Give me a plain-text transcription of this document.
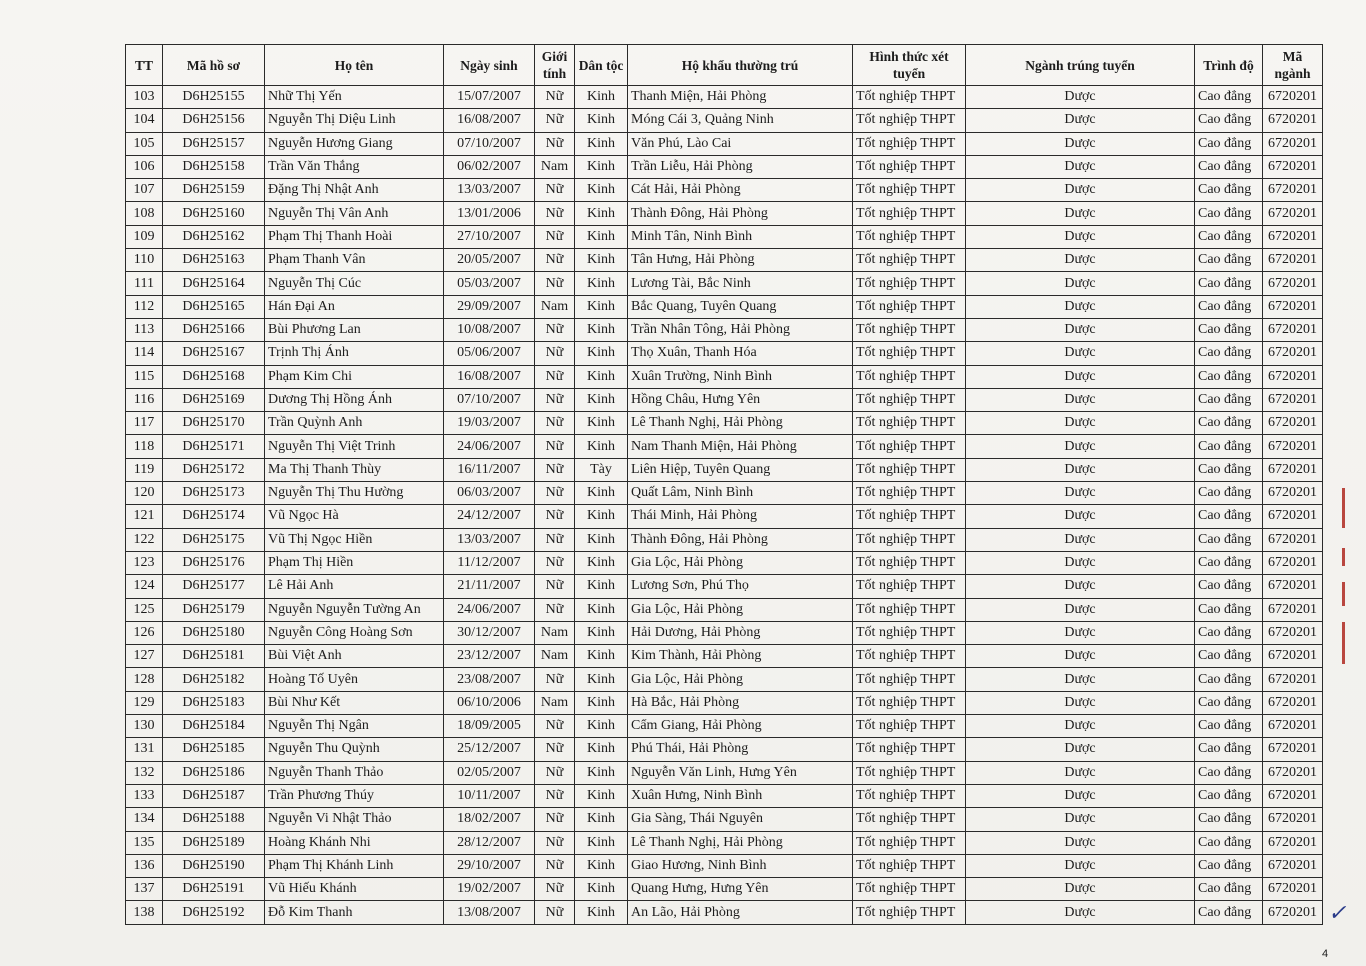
TT	Mã hồ sơ	Họ tên	Ngày sinh	Giới tính	Dân tộc	Hộ khẩu thường trú	Hình thức xét tuyển	Ngành trúng tuyển	Trình độ	Mã ngành
103	D6H25155	Nhữ Thị Yến	15/07/2007	Nữ	Kinh	Thanh Miện, Hải Phòng	Tốt nghiệp THPT	Dược	Cao đẳng	6720201
104	D6H25156	Nguyễn Thị Diệu Linh	16/08/2007	Nữ	Kinh	Móng Cái 3, Quảng Ninh	Tốt nghiệp THPT	Dược	Cao đẳng	6720201
105	D6H25157	Nguyễn Hương Giang	07/10/2007	Nữ	Kinh	Văn Phú, Lào Cai	Tốt nghiệp THPT	Dược	Cao đẳng	6720201
106	D6H25158	Trần Văn Thắng	06/02/2007	Nam	Kinh	Trần Liễu, Hải Phòng	Tốt nghiệp THPT	Dược	Cao đẳng	6720201
107	D6H25159	Đặng Thị Nhật Anh	13/03/2007	Nữ	Kinh	Cát Hải, Hải Phòng	Tốt nghiệp THPT	Dược	Cao đẳng	6720201
108	D6H25160	Nguyễn Thị Vân Anh	13/01/2006	Nữ	Kinh	Thành Đông, Hải Phòng	Tốt nghiệp THPT	Dược	Cao đẳng	6720201
109	D6H25162	Phạm Thị Thanh Hoài	27/10/2007	Nữ	Kinh	Minh Tân, Ninh Bình	Tốt nghiệp THPT	Dược	Cao đẳng	6720201
110	D6H25163	Phạm Thanh Vân	20/05/2007	Nữ	Kinh	Tân Hưng, Hải Phòng	Tốt nghiệp THPT	Dược	Cao đẳng	6720201
111	D6H25164	Nguyễn Thị Cúc	05/03/2007	Nữ	Kinh	Lương Tài, Bắc Ninh	Tốt nghiệp THPT	Dược	Cao đẳng	6720201
112	D6H25165	Hán Đại An	29/09/2007	Nam	Kinh	Bắc Quang, Tuyên Quang	Tốt nghiệp THPT	Dược	Cao đẳng	6720201
113	D6H25166	Bùi Phương Lan	10/08/2007	Nữ	Kinh	Trần Nhân Tông, Hải Phòng	Tốt nghiệp THPT	Dược	Cao đẳng	6720201
114	D6H25167	Trịnh Thị Ánh	05/06/2007	Nữ	Kinh	Thọ Xuân, Thanh Hóa	Tốt nghiệp THPT	Dược	Cao đẳng	6720201
115	D6H25168	Phạm Kim Chi	16/08/2007	Nữ	Kinh	Xuân Trường, Ninh Bình	Tốt nghiệp THPT	Dược	Cao đẳng	6720201
116	D6H25169	Dương Thị Hồng Ánh	07/10/2007	Nữ	Kinh	Hồng Châu, Hưng Yên	Tốt nghiệp THPT	Dược	Cao đẳng	6720201
117	D6H25170	Trần Quỳnh Anh	19/03/2007	Nữ	Kinh	Lê Thanh Nghị, Hải Phòng	Tốt nghiệp THPT	Dược	Cao đẳng	6720201
118	D6H25171	Nguyễn Thị Việt Trinh	24/06/2007	Nữ	Kinh	Nam Thanh Miện, Hải Phòng	Tốt nghiệp THPT	Dược	Cao đẳng	6720201
119	D6H25172	Ma Thị Thanh Thùy	16/11/2007	Nữ	Tày	Liên Hiệp, Tuyên Quang	Tốt nghiệp THPT	Dược	Cao đẳng	6720201
120	D6H25173	Nguyễn Thị Thu Hường	06/03/2007	Nữ	Kinh	Quất Lâm, Ninh Bình	Tốt nghiệp THPT	Dược	Cao đẳng	6720201
121	D6H25174	Vũ Ngọc Hà	24/12/2007	Nữ	Kinh	Thái Minh, Hải Phòng	Tốt nghiệp THPT	Dược	Cao đẳng	6720201
122	D6H25175	Vũ Thị Ngọc Hiền	13/03/2007	Nữ	Kinh	Thành Đông, Hải Phòng	Tốt nghiệp THPT	Dược	Cao đẳng	6720201
123	D6H25176	Phạm Thị Hiền	11/12/2007	Nữ	Kinh	Gia Lộc, Hải Phòng	Tốt nghiệp THPT	Dược	Cao đẳng	6720201
124	D6H25177	Lê Hải Anh	21/11/2007	Nữ	Kinh	Lương Sơn, Phú Thọ	Tốt nghiệp THPT	Dược	Cao đẳng	6720201
125	D6H25179	Nguyễn Nguyễn Tường An	24/06/2007	Nữ	Kinh	Gia Lộc, Hải Phòng	Tốt nghiệp THPT	Dược	Cao đẳng	6720201
126	D6H25180	Nguyễn Công Hoàng Sơn	30/12/2007	Nam	Kinh	Hải Dương, Hải Phòng	Tốt nghiệp THPT	Dược	Cao đẳng	6720201
127	D6H25181	Bùi Việt Anh	23/12/2007	Nam	Kinh	Kim Thành, Hải Phòng	Tốt nghiệp THPT	Dược	Cao đẳng	6720201
128	D6H25182	Hoàng Tố Uyên	23/08/2007	Nữ	Kinh	Gia Lộc, Hải Phòng	Tốt nghiệp THPT	Dược	Cao đẳng	6720201
129	D6H25183	Bùi Như Kết	06/10/2006	Nam	Kinh	Hà Bắc, Hải Phòng	Tốt nghiệp THPT	Dược	Cao đẳng	6720201
130	D6H25184	Nguyễn Thị Ngân	18/09/2005	Nữ	Kinh	Cẩm Giang, Hải Phòng	Tốt nghiệp THPT	Dược	Cao đẳng	6720201
131	D6H25185	Nguyễn Thu Quỳnh	25/12/2007	Nữ	Kinh	Phú Thái, Hải Phòng	Tốt nghiệp THPT	Dược	Cao đẳng	6720201
132	D6H25186	Nguyễn Thanh Thảo	02/05/2007	Nữ	Kinh	Nguyễn Văn Linh, Hưng Yên	Tốt nghiệp THPT	Dược	Cao đẳng	6720201
133	D6H25187	Trần Phương Thúy	10/11/2007	Nữ	Kinh	Xuân Hưng, Ninh Bình	Tốt nghiệp THPT	Dược	Cao đẳng	6720201
134	D6H25188	Nguyễn Vi Nhật Thảo	18/02/2007	Nữ	Kinh	Gia Sàng, Thái Nguyên	Tốt nghiệp THPT	Dược	Cao đẳng	6720201
135	D6H25189	Hoàng Khánh Nhi	28/12/2007	Nữ	Kinh	Lê Thanh Nghị, Hải Phòng	Tốt nghiệp THPT	Dược	Cao đẳng	6720201
136	D6H25190	Phạm Thị Khánh Linh	29/10/2007	Nữ	Kinh	Giao Hương, Ninh Bình	Tốt nghiệp THPT	Dược	Cao đẳng	6720201
137	D6H25191	Vũ Hiếu Khánh	19/02/2007	Nữ	Kinh	Quang Hưng, Hưng Yên	Tốt nghiệp THPT	Dược	Cao đẳng	6720201
138	D6H25192	Đỗ Kim Thanh	13/08/2007	Nữ	Kinh	An Lão, Hải Phòng	Tốt nghiệp THPT	Dược	Cao đẳng	6720201 ✓
4
